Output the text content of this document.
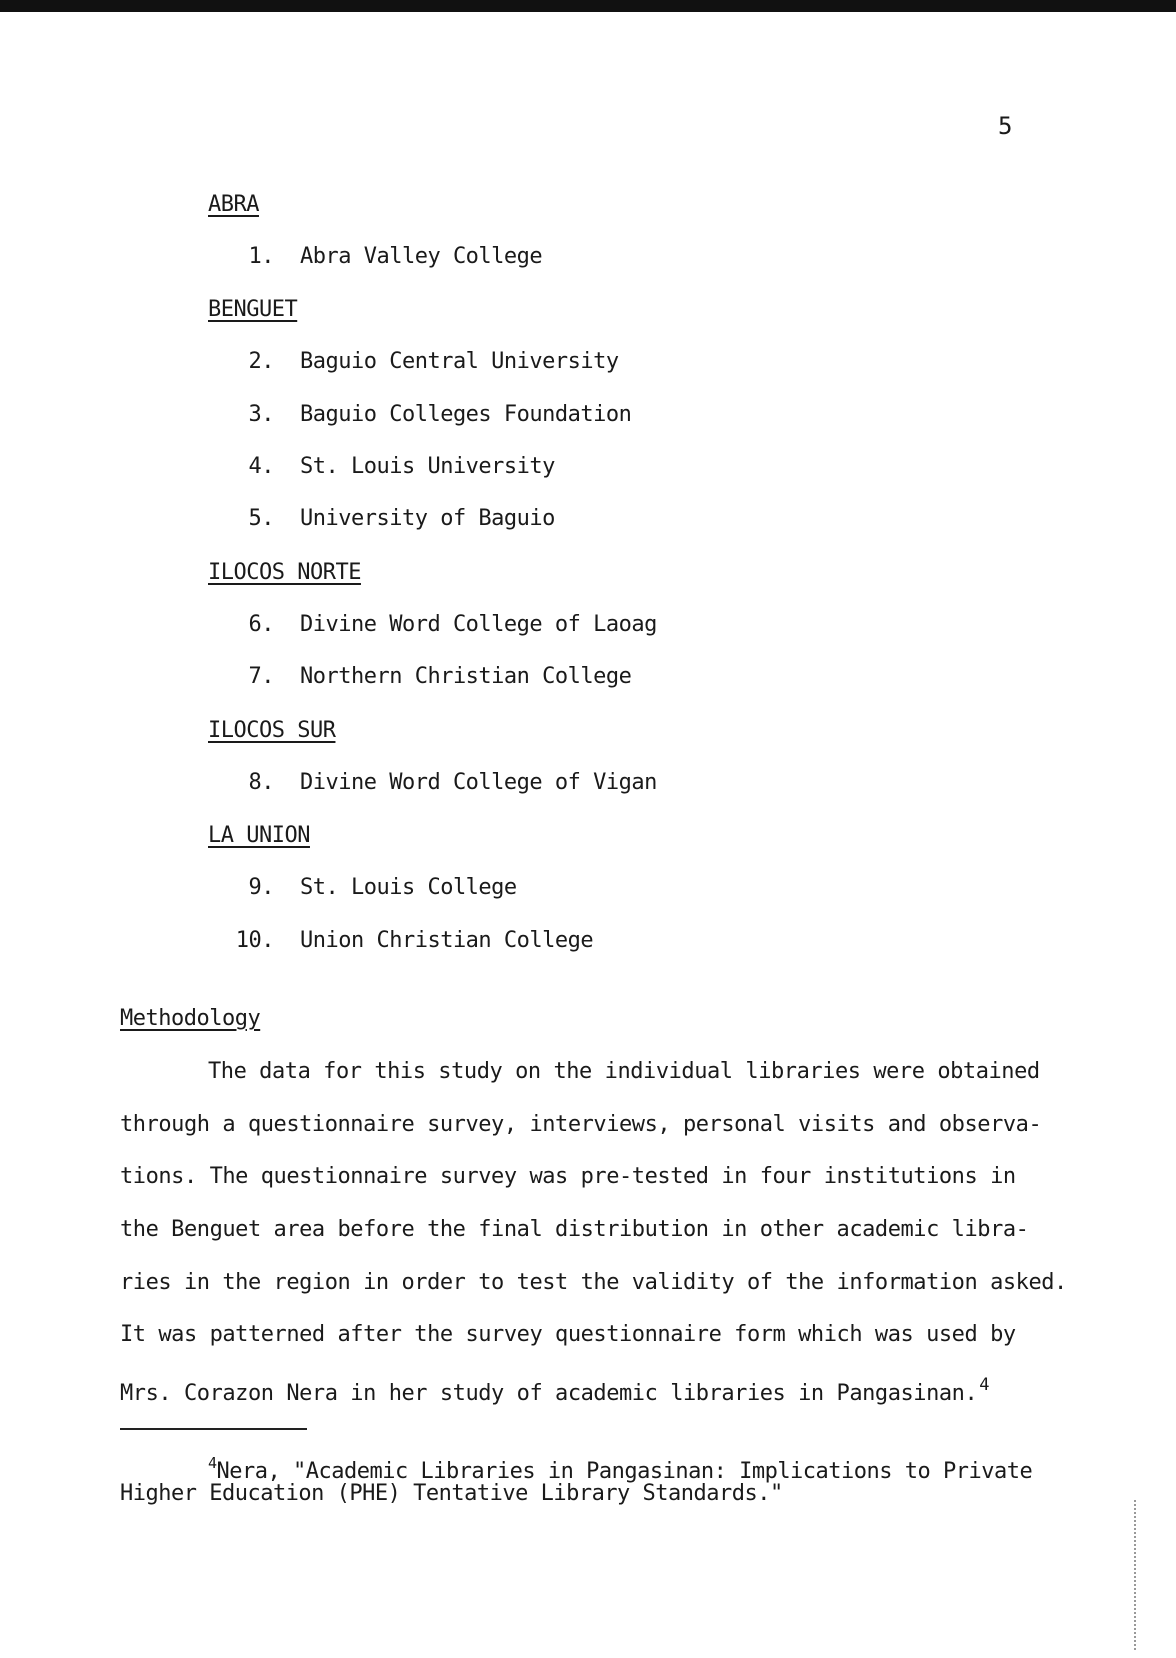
5
ABRA
1. Abra Valley College
BENGUET
2. Baguio Central University
3. Baguio Colleges Foundation
4. St. Louis University
5. University of Baguio
ILOCOS NORTE
6. Divine Word College of Laoag
7. Northern Christian College
ILOCOS SUR
8. Divine Word College of Vigan
LA UNION
9. St. Louis College
10. Union Christian College
Methodology
The data for this study on the individual libraries were obtained
through a questionnaire survey, interviews, personal visits and observa-
tions. The questionnaire survey was pre-tested in four institutions in
the Benguet area before the final distribution in other academic libra-
ries in the region in order to test the validity of the information asked.
It was patterned after the survey questionnaire form which was used by
Mrs. Corazon Nera in her study of academic libraries in Pangasinan. $^4$
$^4$Nera, "Academic Libraries in Pangasinan: Implications to Private
Higher Education (PHE) Tentative Library Standards."
